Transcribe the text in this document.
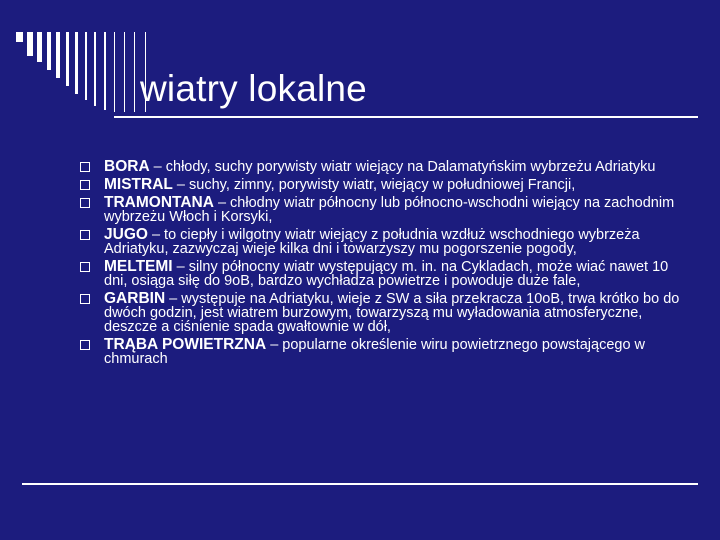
wiatry lokalne
BORA – chłody, suchy porywisty wiatr wiejący na Dalamatyńskim wybrzeżu Adriatyku
MISTRAL – suchy, zimny, porywisty wiatr, wiejący w południowej Francji,
TRAMONTANA – chłodny wiatr północny lub północno-wschodni wiejący na zachodnim wybrzeżu Włoch i Korsyki,
JUGO – to ciepły i wilgotny wiatr wiejący z południa wzdłuż wschodniego wybrzeża Adriatyku, zazwyczaj wieje kilka dni i towarzyszy mu pogorszenie pogody,
MELTEMI – silny północny wiatr występujący m. in. na Cykladach, może wiać nawet 10 dni, osiąga siłę do 9oB, bardzo wychładza powietrze i powoduje duże fale,
GARBIN – występuje na Adriatyku, wieje z SW a siła przekracza 10oB, trwa krótko bo do dwóch godzin, jest wiatrem burzowym, towarzyszą mu wyładowania atmosferyczne, deszcze a ciśnienie spada gwałtownie w dół,
TRĄBA POWIETRZNA – popularne określenie wiru powietrznego powstającego w chmurach
